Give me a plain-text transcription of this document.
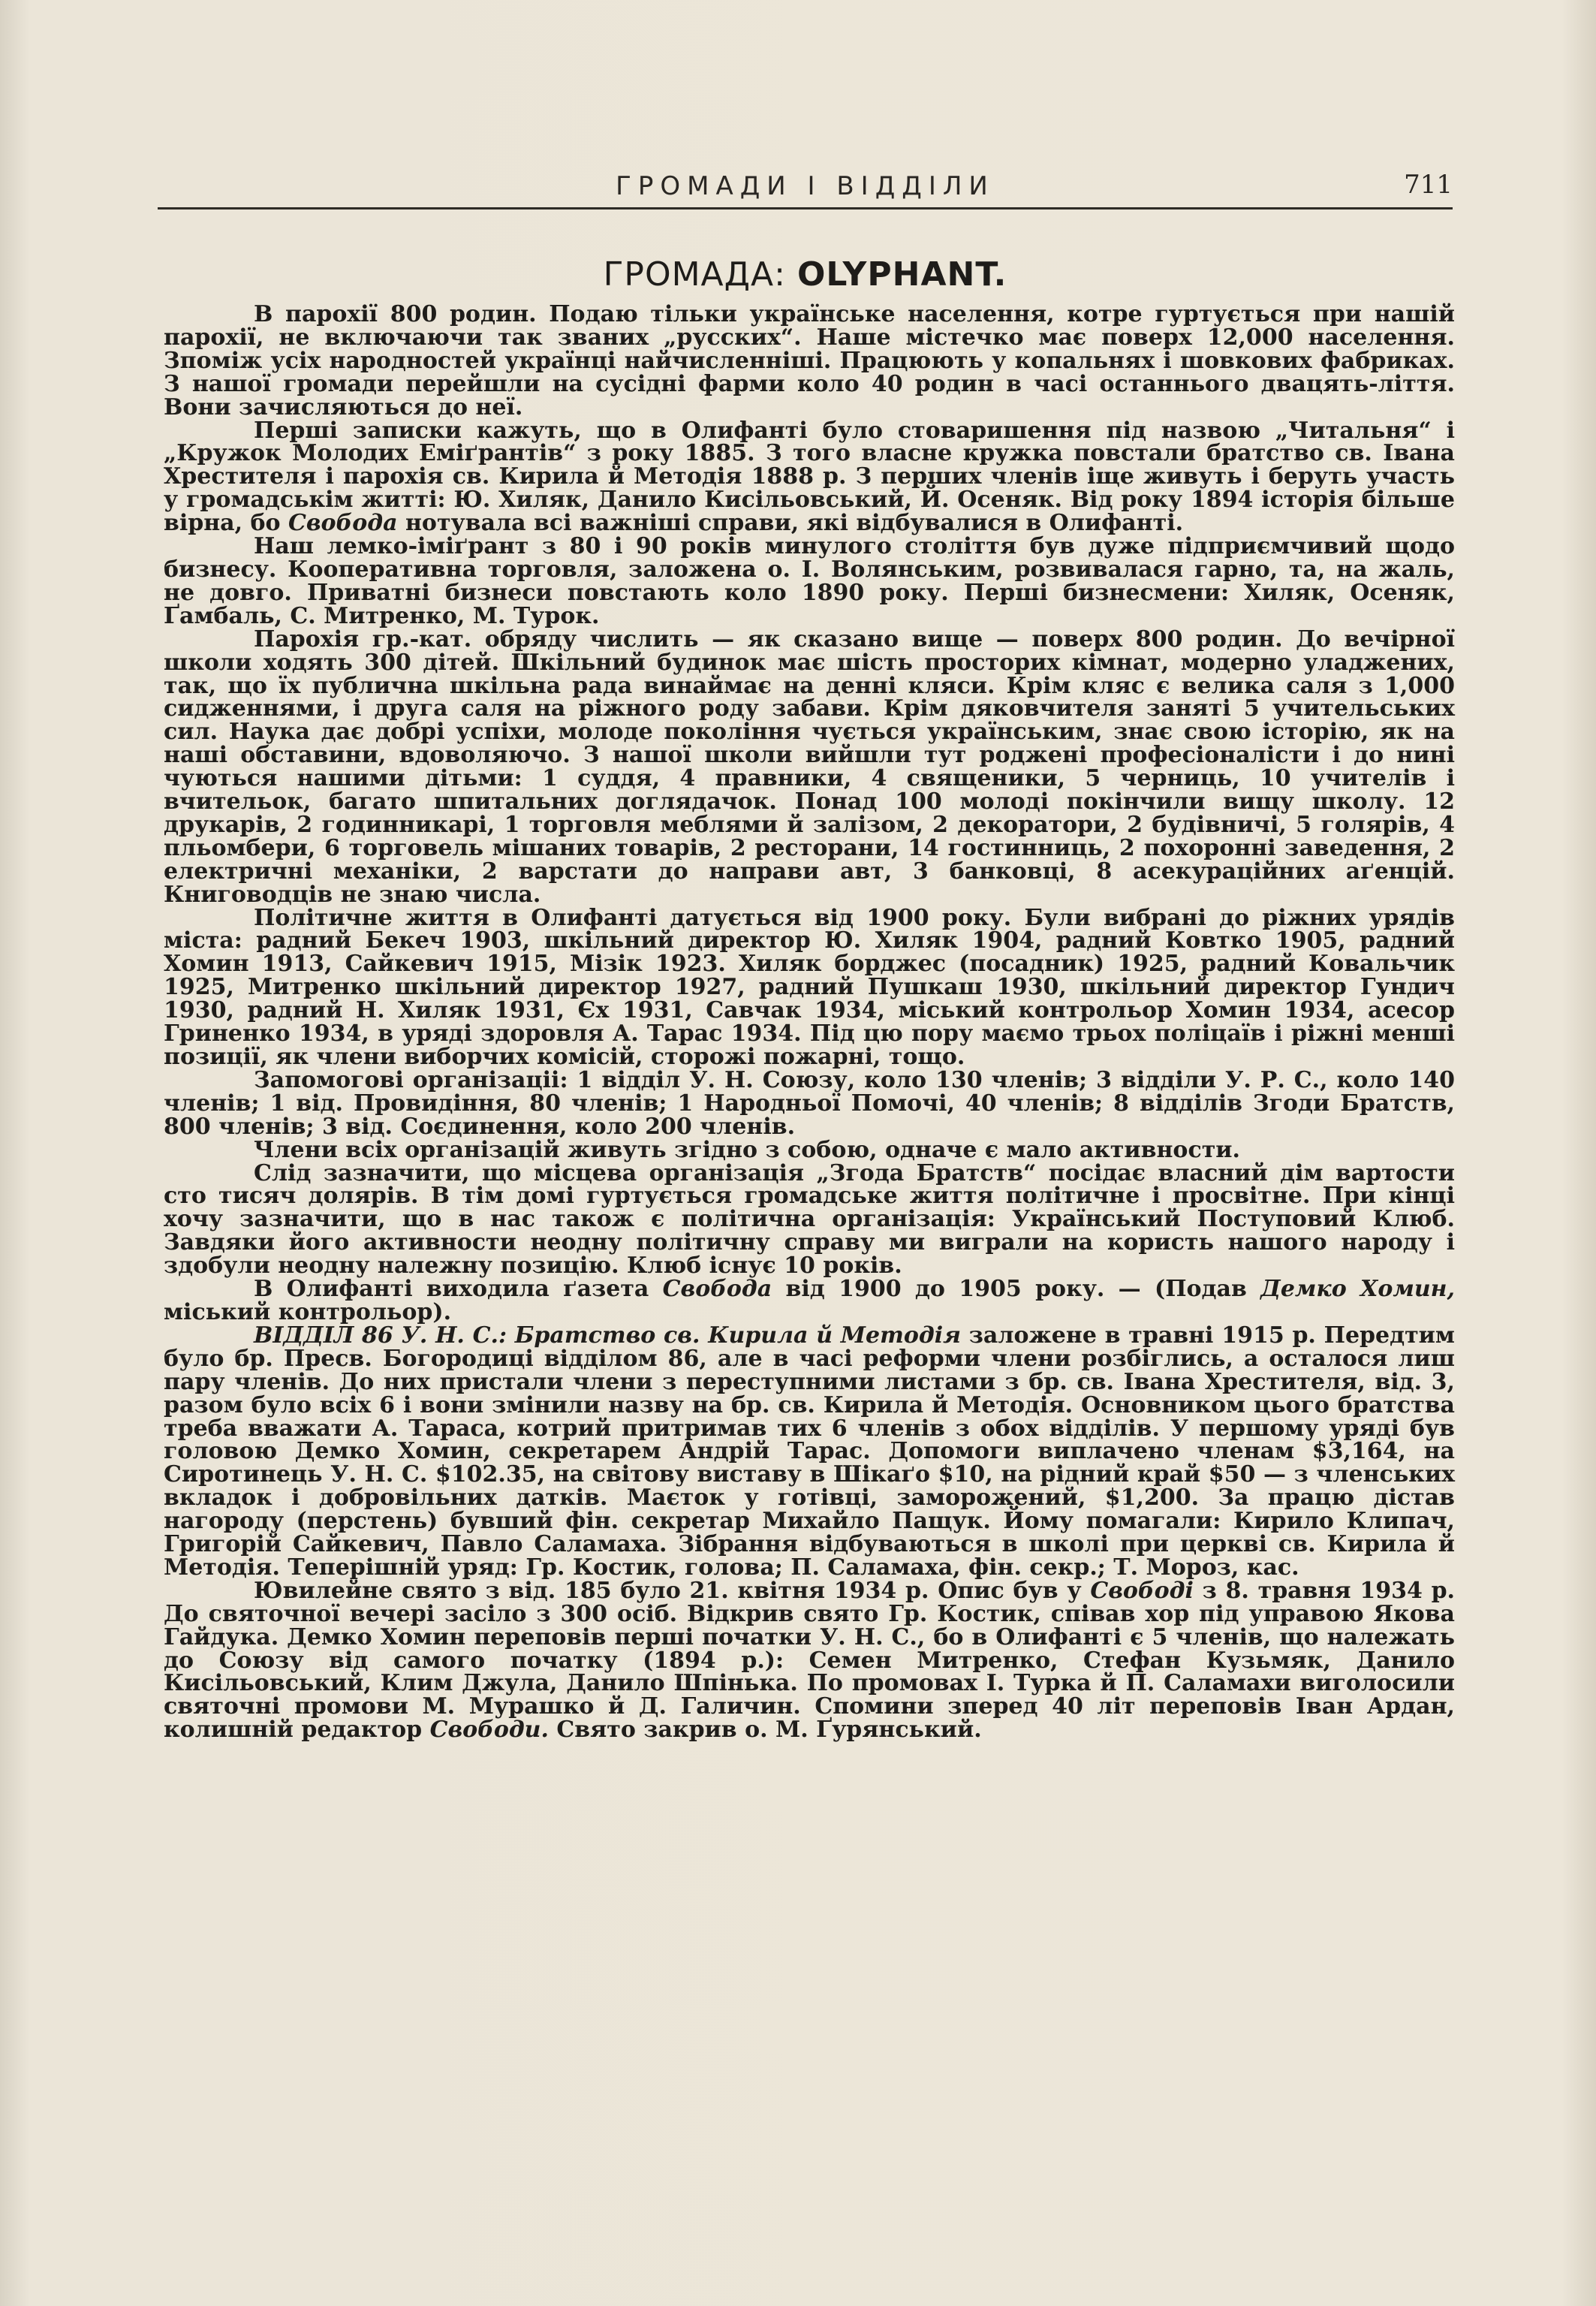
ГРОМАДИ І ВІДДІЛИ	711
ГРОМАДА: OLYPHANT.

В парохії 800 родин. Подаю тільки українське населення, котре гуртується при нашій парохії, не включаючи так званих „русских“. Наше містечко має поверх 12,000 населення. Зпоміж усіх народностей українці найчисленніші. Працюють у копальнях і шовкових фабриках. З нашої громади перейшли на сусідні фарми коло 40 родин в часі останнього двацять-ліття. Вони зачисляються до неї.

Перші записки кажуть, що в Олифанті було стоваришення під назвою „Читальня“ і „Кружок Молодих Еміґрантів“ з року 1885. З того власне кружка повстали братство св. Івана Хрестителя і парохія св. Кирила й Методія 1888 р. З перших членів іще живуть і беруть участь у громадськім житті: Ю. Хиляк, Данило Кисільовський, Й. Осеняк. Від року 1894 історія більше вірна, бо Свобода нотувала всі важніші справи, які відбувалися в Олифанті.

Наш лемко-іміґрант з 80 і 90 років минулого століття був дуже підприємчивий щодо бизнесу. Кооперативна торговля, заложена о. І. Волянським, розвивалася гарно, та, на жаль, не довго. Приватні бизнеси повстають коло 1890 року. Перші бизнесмени: Хиляк, Осеняк, Ґамбаль, С. Митренко, М. Турок.

Парохія гр.-кат. обряду числить — як сказано вище — поверх 800 родин. До вечірної школи ходять 300 дітей. Шкільний будинок має шість просторих кімнат, модерно уладжених, так, що їх публична шкільна рада винаймає на денні кляси. Крім кляс є велика саля з 1,000 сидженнями, і друга саля на ріжного роду забави. Крім дяковчителя заняті 5 учительських сил. Наука дає добрі успіхи, молоде покоління чується українським, знає свою історію, як на наші обставини, вдоволяючо. З нашої школи вийшли тут роджені професіоналісти і до нині чуються нашими дітьми: 1 суддя, 4 правники, 4 священики, 5 черниць, 10 учителів і вчительок, багато шпитальних доглядачок. Понад 100 молоді покінчили вищу школу. 12 друкарів, 2 годинникарі, 1 торговля меблями й залізом, 2 декоратори, 2 будівничі, 5 голярів, 4 пльомбери, 6 торговель мішаних товарів, 2 ресторани, 14 гостинниць, 2 похоронні заведення, 2 електричні механіки, 2 варстати до направи авт, 3 банковці, 8 асекураційних аґенцій. Книговодців не знаю числа.

Політичне життя в Олифанті датується від 1900 року. Були вибрані до ріжних урядів міста: радний Бекеч 1903, шкільний директор Ю. Хиляк 1904, радний Ковтко 1905, радний Хомин 1913, Сайкевич 1915, Мізік 1923. Хиляк борджес (посадник) 1925, радний Ковальчик 1925, Митренко шкільний директор 1927, радний Пушкаш 1930, шкільний директор Гундич 1930, радний Н. Хиляк 1931, Єх 1931, Савчак 1934, міський контрольор Хомин 1934, асесор Гриненко 1934, в уряді здоровля А. Тарас 1934. Під цю пору маємо трьох поліцаїв і ріжні менші позиції, як члени виборчих комісій, сторожі пожарні, тощо.

Запомогові організаціі: 1 відділ У. Н. Союзу, коло 130 членів; 3 відділи У. Р. С., коло 140 членів; 1 від. Провидіння, 80 членів; 1 Народньої Помочі, 40 членів; 8 відділів Згоди Братств, 800 членів; 3 від. Соєдинення, коло 200 членів.

Члени всіх організацій живуть згідно з собою, одначе є мало активности.

Слід зазначити, що місцева організація „Згода Братств“ посідає власний дім вартости сто тисяч долярів. В тім домі гуртується громадське життя політичне і просвітне. При кінці хочу зазначити, що в нас також є політична організація: Український Поступовий Клюб. Завдяки його активности неодну політичну справу ми виграли на користь нашого народу і здобули неодну належну позицію. Клюб існує 10 років.

В Олифанті виходила ґазета Свобода від 1900 до 1905 року. — (Подав Демко Хомин, міський контрольор).

ВІДДІЛ 86 У. Н. С.: Братство св. Кирила й Методія заложене в травні 1915 р. Передтим було бр. Пресв. Богородиці відділом 86, але в часі реформи члени розбіглись, а осталося лиш пару членів. До них пристали члени з переступними листами з бр. св. Івана Хрестителя, від. 3, разом було всіх 6 і вони змінили назву на бр. св. Кирила й Методія. Основником цього братства треба вважати А. Тараса, котрий притримав тих 6 членів з обох відділів. У першому уряді був головою Демко Хомин, секретарем Андрій Тарас. Допомоги виплачено членам $3,164, на Сиротинець У. Н. С. $102.35, на світову виставу в Шікаґо $10, на рідний край $50 — з членських вкладок і добровільних датків. Маєток у готівці, заморожений, $1,200. За працю дістав нагороду (перстень) бувший фін. секретар Михайло Пащук. Йому помагали: Кирило Клипач, Григорій Сайкевич, Павло Саламаха. Зібрання відбуваються в школі при церкві св. Кирила й Методія. Теперішній уряд: Гр. Костик, голова; П. Саламаха, фін. секр.; Т. Мороз, кас.

Ювилейне свято з від. 185 було 21. квітня 1934 р. Опис був у Свободі з 8. травня 1934 р. До святочної вечері засіло з 300 осіб. Відкрив свято Гр. Костик, співав хор під управою Якова Гайдука. Демко Хомин переповів перші початки У. Н. С., бо в Олифанті є 5 членів, що належать до Союзу від самого початку (1894 р.): Семен Митренко, Стефан Кузьмяк, Данило Кисільовський, Клим Джула, Данило Шпінька. По промовах І. Турка й П. Саламахи виголосили святочні промови М. Мурашко й Д. Галичин. Спомини зперед 40 літ переповів Іван Ардан, колишній редактор Свободи. Свято закрив о. М. Ґурянський.
